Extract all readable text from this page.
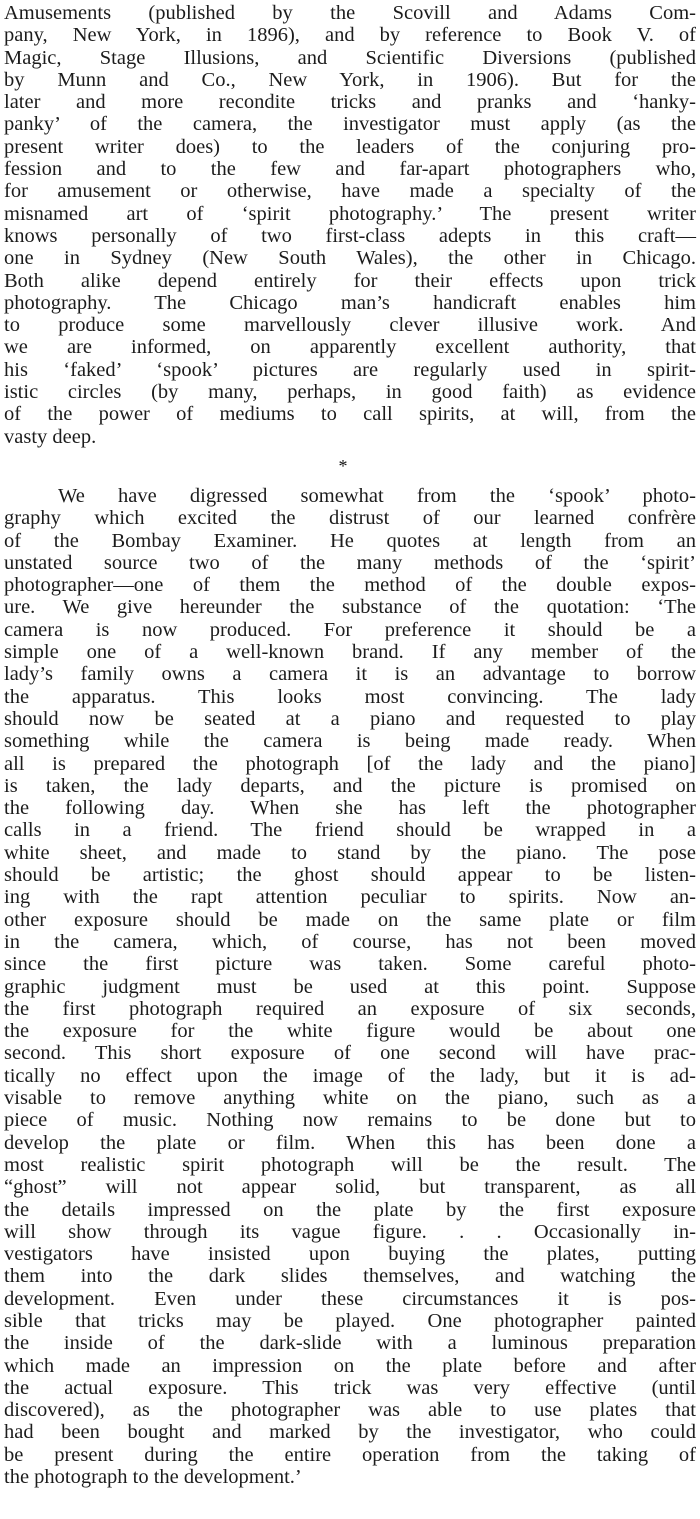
Amusements (published by the Scovill and Adams Com-
pany, New York, in 1896), and by reference to Book V. of
Magic, Stage Illusions, and Scientific Diversions (published
by Munn and Co., New York, in 1906). But for the
later and more recondite tricks and pranks and ‘hanky-
panky’ of the camera, the investigator must apply (as the
present writer does) to the leaders of the conjuring pro-
fession and to the few and far-apart photographers who,
for amusement or otherwise, have made a specialty of the
misnamed art of ‘spirit photography.’ The present writer
knows personally of two first-class adepts in this craft—
one in Sydney (New South Wales), the other in Chicago.
Both alike depend entirely for their effects upon trick
photography. The Chicago man’s handicraft enables him
to produce some marvellously clever illusive work. And
we are informed, on apparently excellent authority, that
his ‘faked’ ‘spook’ pictures are regularly used in spirit-
istic circles (by many, perhaps, in good faith) as evidence
of the power of mediums to call spirits, at will, from the
vasty deep.
*
We have digressed somewhat from the ‘spook’ photo-
graphy which excited the distrust of our learned confrère
of the Bombay Examiner. He quotes at length from an
unstated source two of the many methods of the ‘spirit’
photographer—one of them the method of the double expos-
ure. We give hereunder the substance of the quotation: ‘The
camera is now produced. For preference it should be a
simple one of a well-known brand. If any member of the
lady’s family owns a camera it is an advantage to borrow
the apparatus. This looks most convincing. The lady
should now be seated at a piano and requested to play
something while the camera is being made ready. When
all is prepared the photograph [of the lady and the piano]
is taken, the lady departs, and the picture is promised on
the following day. When she has left the photographer
calls in a friend. The friend should be wrapped in a
white sheet, and made to stand by the piano. The pose
should be artistic; the ghost should appear to be listen-
ing with the rapt attention peculiar to spirits. Now an-
other exposure should be made on the same plate or film
in the camera, which, of course, has not been moved
since the first picture was taken. Some careful photo-
graphic judgment must be used at this point. Suppose
the first photograph required an exposure of six seconds,
the exposure for the white figure would be about one
second. This short exposure of one second will have prac-
tically no effect upon the image of the lady, but it is ad-
visable to remove anything white on the piano, such as a
piece of music. Nothing now remains to be done but to
develop the plate or film. When this has been done a
most realistic spirit photograph will be the result. The
“ghost” will not appear solid, but transparent, as all
the details impressed on the plate by the first exposure
will show through its vague figure. . . Occasionally in-
vestigators have insisted upon buying the plates, putting
them into the dark slides themselves, and watching the
development. Even under these circumstances it is pos-
sible that tricks may be played. One photographer painted
the inside of the dark-slide with a luminous preparation
which made an impression on the plate before and after
the actual exposure. This trick was very effective (until
discovered), as the photographer was able to use plates that
had been bought and marked by the investigator, who could
be present during the entire operation from the taking of
the photograph to the development.’
